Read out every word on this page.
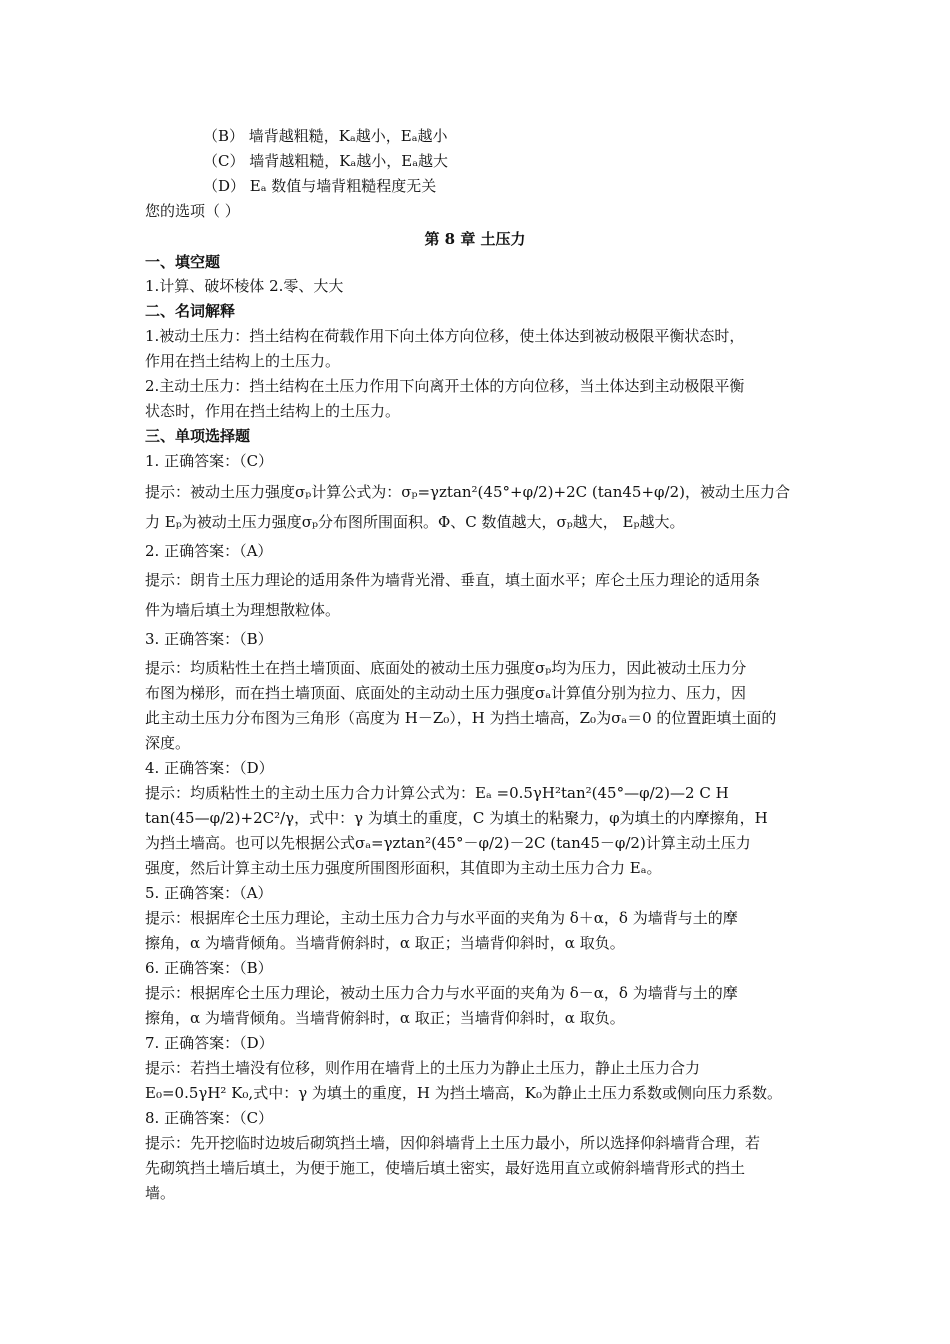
（B） 墙背越粗糙，Kₐ越小，Eₐ越小
（C） 墙背越粗糙，Kₐ越小，Eₐ越大
（D） Eₐ 数值与墙背粗糙程度无关
您的选项（ ）
第 8 章 土压力
一、填空题
1.计算、破坏棱体 2.零、大大
二、名词解释
1.被动土压力：挡土结构在荷载作用下向土体方向位移，使土体达到被动极限平衡状态时，
作用在挡土结构上的土压力。
2.主动土压力：挡土结构在土压力作用下向离开土体的方向位移，当土体达到主动极限平衡
状态时，作用在挡土结构上的土压力。
三、单项选择题
1. 正确答案：（C）
提示：被动土压力强度σₚ计算公式为：σₚ=γztan²(45°+φ/2)+2C (tan45+φ/2)，被动土压力合
力 Eₚ为被动土压力强度σₚ分布图所围面积。Φ、C 数值越大，σₚ越大， Eₚ越大。
2. 正确答案：（A）
提示：朗肯土压力理论的适用条件为墙背光滑、垂直，填土面水平；库仑土压力理论的适用条
件为墙后填土为理想散粒体。
3. 正确答案：（B）
提示：均质粘性土在挡土墙顶面、底面处的被动土压力强度σₚ均为压力，因此被动土压力分
布图为梯形，而在挡土墙顶面、底面处的主动动土压力强度σₐ计算值分别为拉力、压力，因
此主动土压力分布图为三角形（高度为 H－Z₀），H 为挡土墙高，Z₀为σₐ＝0 的位置距填土面的
深度。
4. 正确答案：（D）
提示：均质粘性土的主动土压力合力计算公式为：Eₐ =0.5γH²tan²(45°—φ/2)—2 C H
tan(45—φ/2)+2C²/γ，式中：γ 为填土的重度，C 为填土的粘聚力，φ为填土的内摩擦角，H
为挡土墙高。也可以先根据公式σₐ=γztan²(45°－φ/2)－2C (tan45－φ/2)计算主动土压力
强度，然后计算主动土压力强度所围图形面积，其值即为主动土压力合力 Eₐ。
5. 正确答案：（A）
提示：根据库仑土压力理论，主动土压力合力与水平面的夹角为 δ＋α，δ 为墙背与土的摩
擦角，α 为墙背倾角。当墙背俯斜时，α 取正；当墙背仰斜时，α 取负。
6. 正确答案：（B）
提示：根据库仑土压力理论，被动土压力合力与水平面的夹角为 δ－α，δ 为墙背与土的摩
擦角，α 为墙背倾角。当墙背俯斜时，α 取正；当墙背仰斜时，α 取负。
7. 正确答案：（D）
提示：若挡土墙没有位移，则作用在墙背上的土压力为静止土压力，静止土压力合力
E₀=0.5γH² K₀,式中：γ 为填土的重度，H 为挡土墙高，K₀为静止土压力系数或侧向压力系数。
8. 正确答案：（C）
提示：先开挖临时边坡后砌筑挡土墙，因仰斜墙背上土压力最小，所以选择仰斜墙背合理，若
先砌筑挡土墙后填土，为便于施工，使墙后填土密实，最好选用直立或俯斜墙背形式的挡土
墙。
